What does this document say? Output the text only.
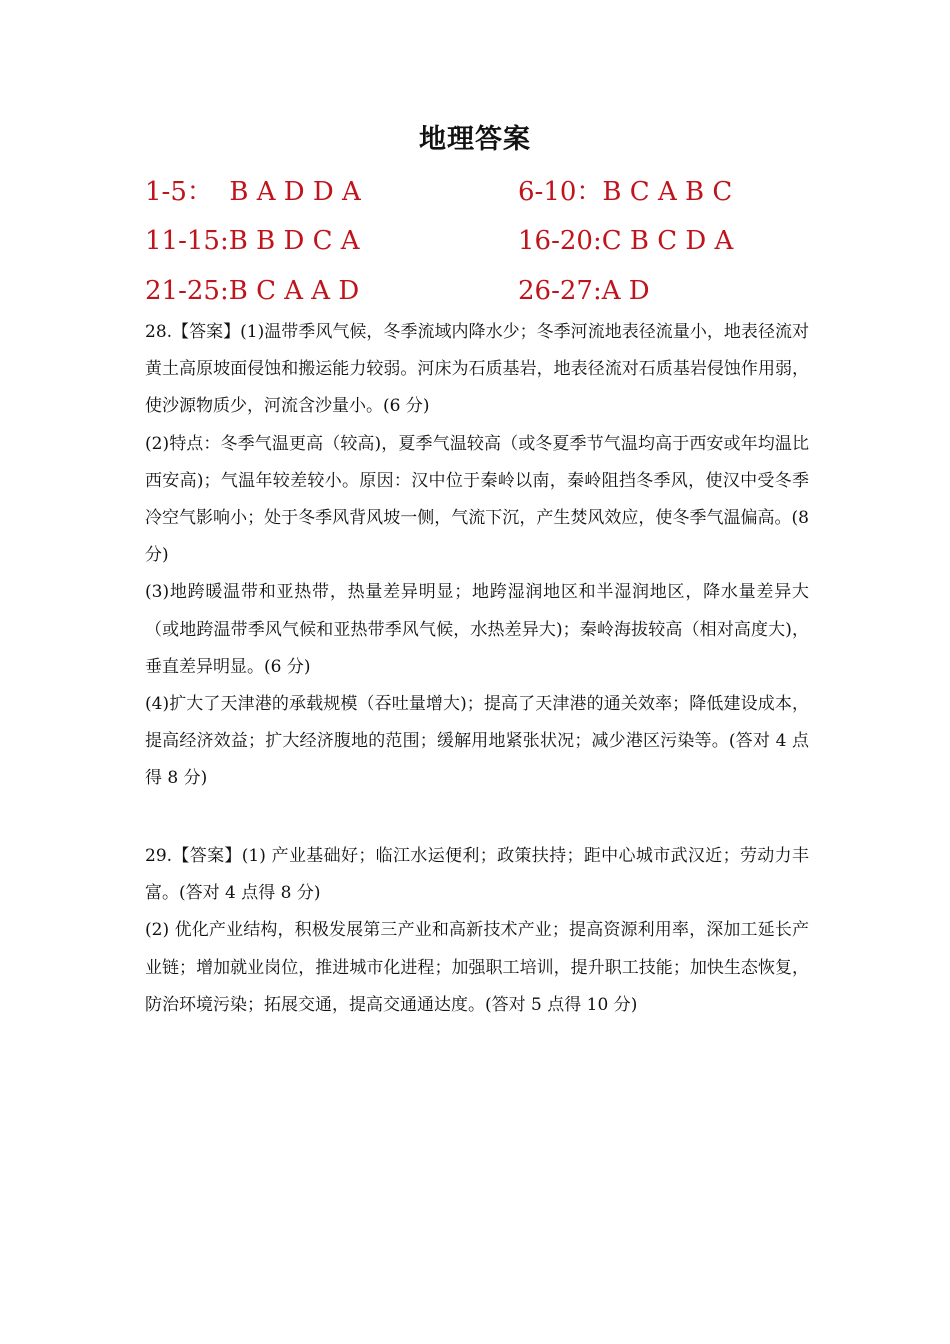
地理答案
1-5：  B A D D A	6-10：B C A B C
11-15:B B D C A	16-20:C B C D A
21-25:B C A A D	26-27:A D

28.【答案】(1)温带季风气候，冬季流域内降水少；冬季河流地表径流量小，地表径流对黄土高原坡面侵蚀和搬运能力较弱。河床为石质基岩，地表径流对石质基岩侵蚀作用弱，使沙源物质少，河流含沙量小。(6 分)

(2)特点：冬季气温更高（较高)，夏季气温较高（或冬夏季节气温均高于西安或年均温比西安高)；气温年较差较小。原因：汉中位于秦岭以南，秦岭阻挡冬季风，使汉中受冬季冷空气影响小；处于冬季风背风坡一侧，气流下沉，产生焚风效应，使冬季气温偏高。(8 分)

(3)地跨暖温带和亚热带，热量差异明显；地跨湿润地区和半湿润地区，降水量差异大（或地跨温带季风气候和亚热带季风气候，水热差异大)；秦岭海拔较高（相对高度大)，垂直差异明显。(6 分)

(4)扩大了天津港的承载规模（吞吐量增大)；提高了天津港的通关效率；降低建设成本，提高经济效益；扩大经济腹地的范围；缓解用地紧张状况；减少港区污染等。(答对 4 点得 8 分)

29.【答案】(1) 产业基础好；临江水运便利；政策扶持；距中心城市武汉近；劳动力丰富。(答对 4 点得 8 分)

(2) 优化产业结构，积极发展第三产业和高新技术产业；提高资源利用率，深加工延长产业链；增加就业岗位，推进城市化进程；加强职工培训，提升职工技能；加快生态恢复，防治环境污染；拓展交通，提高交通通达度。(答对 5 点得 10 分)
